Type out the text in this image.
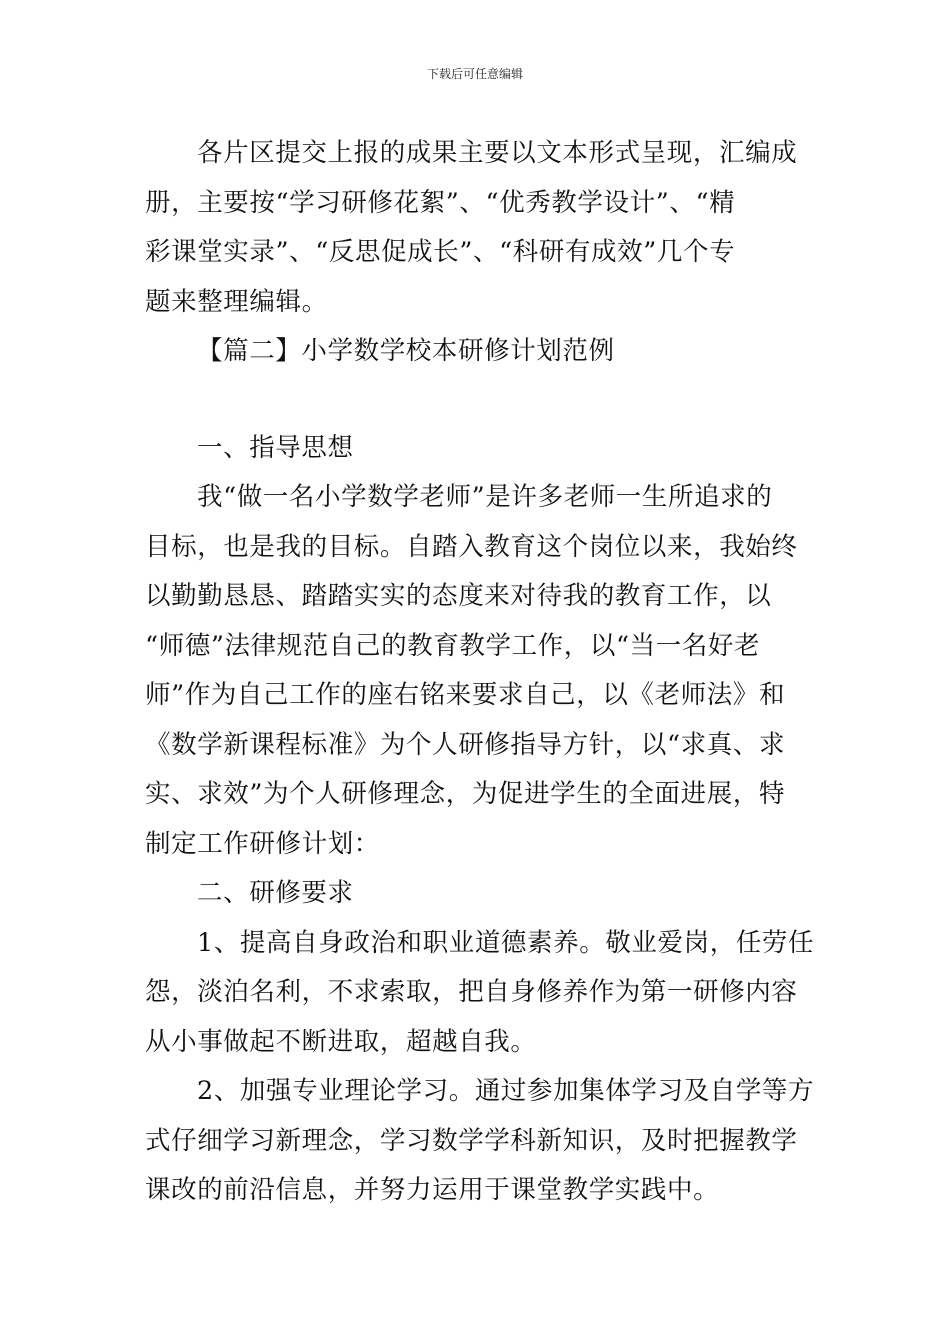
下载后可任意编辑
各片区提交上报的成果主要以文本形式呈现，汇编成
册，主要按“学习研修花絮”、“优秀教学设计”、“精
彩课堂实录”、“反思促成长”、“科研有成效”几个专
题来整理编辑。
【篇二】小学数学校本研修计划范例
一、指导思想
我“做一名小学数学老师”是许多老师一生所追求的
目标，也是我的目标。自踏入教育这个岗位以来，我始终
以勤勤恳恳、踏踏实实的态度来对待我的教育工作，以
“师德”法律规范自己的教育教学工作，以“当一名好老
师”作为自己工作的座右铭来要求自己，以《老师法》和
《数学新课程标准》为个人研修指导方针，以“求真、求
实、求效”为个人研修理念，为促进学生的全面进展，特
制定工作研修计划：
二、研修要求
1、提高自身政治和职业道德素养。敬业爱岗，任劳任
怨，淡泊名利，不求索取，把自身修养作为第一研修内容
从小事做起不断进取，超越自我。
2、加强专业理论学习。通过参加集体学习及自学等方
式仔细学习新理念，学习数学学科新知识，及时把握教学
课改的前沿信息，并努力运用于课堂教学实践中。
